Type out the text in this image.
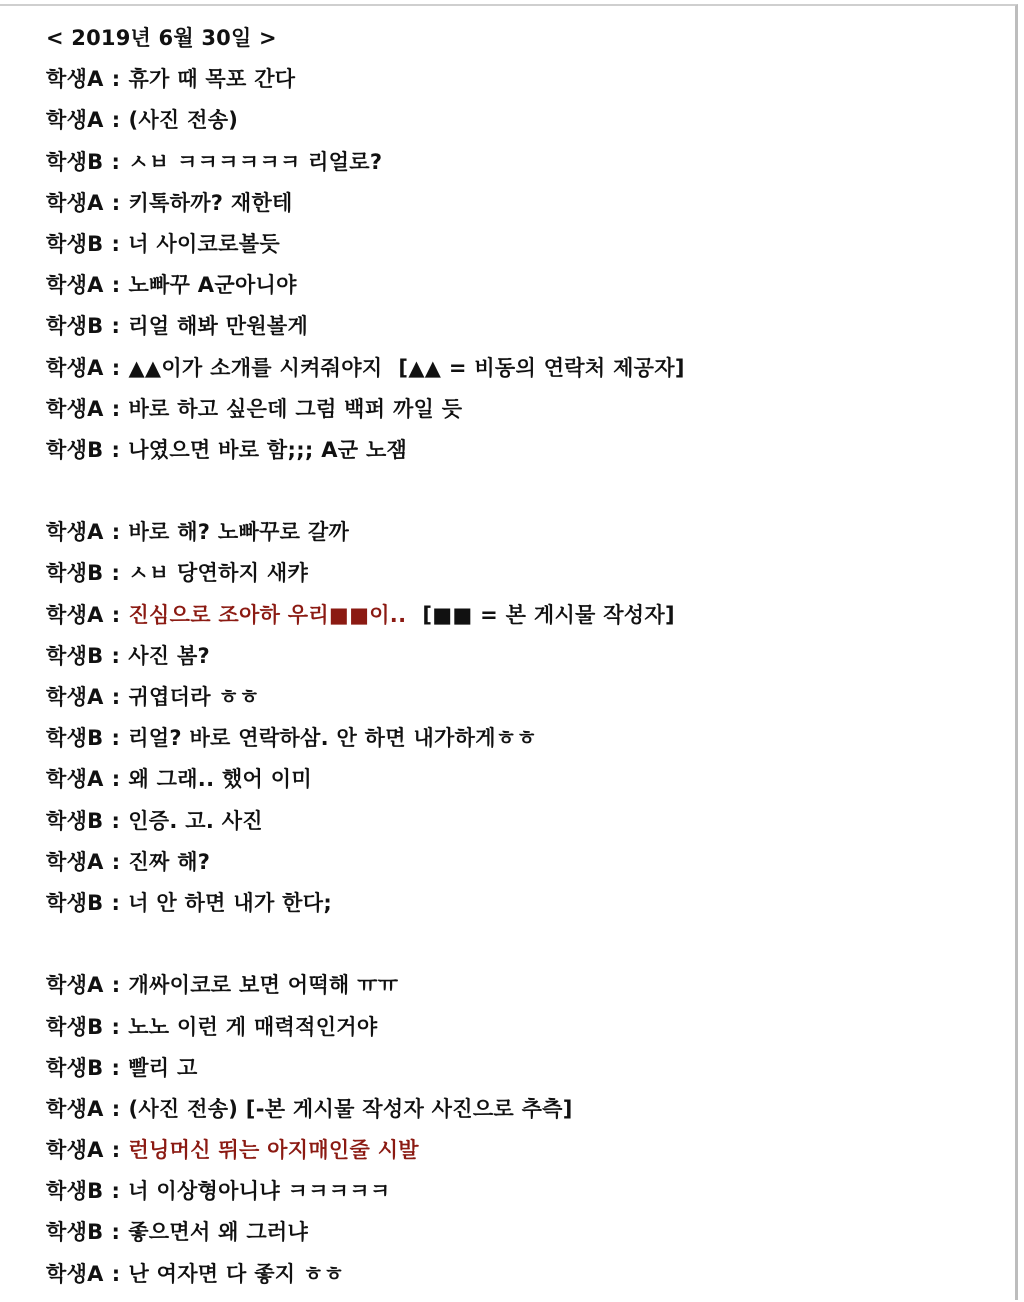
< 2019년 6월 30일 >
학생A : 휴가 때 목포 간다
학생A : (사진 전송)
학생B : ㅅㅂ ㅋㅋㅋㅋㅋㅋ 리얼로?
학생A : 키톡하까? 재한테
학생B : 너 사이코로볼듯
학생A : 노빠꾸 A군아니야
학생B : 리얼 해봐 만원볼게
학생A : ▲▲이가 소개를 시켜줘야지 [▲▲ = 비동의 연락처 제공자]
학생A : 바로 하고 싶은데 그럼 백퍼 까일 듯
학생B : 나였으면 바로 함;;; A군 노잼
학생A : 바로 해? 노빠꾸로 갈까
학생B : ㅅㅂ 당연하지 새캬
학생A : 진심으로 조아하 우리■■이.. [■■ = 본 게시물 작성자]
학생B : 사진 봄?
학생A : 귀엽더라 ㅎㅎ
학생B : 리얼? 바로 연락하삼. 안 하면 내가하게ㅎㅎ
학생A : 왜 그래.. 했어 이미
학생B : 인증. 고. 사진
학생A : 진짜 해?
학생B : 너 안 하면 내가 한다;
학생A : 개싸이코로 보면 어떡해 ㅠㅠ
학생B : 노노 이런 게 매력적인거야
학생B : 빨리 고
학생A : (사진 전송) [-본 게시물 작성자 사진으로 추측]
학생A : 런닝머신 뛰는 아지매인줄 시발
학생B : 너 이상형아니냐 ㅋㅋㅋㅋㅋ
학생B : 좋으면서 왜 그러냐
학생A : 난 여자면 다 좋지 ㅎㅎ
